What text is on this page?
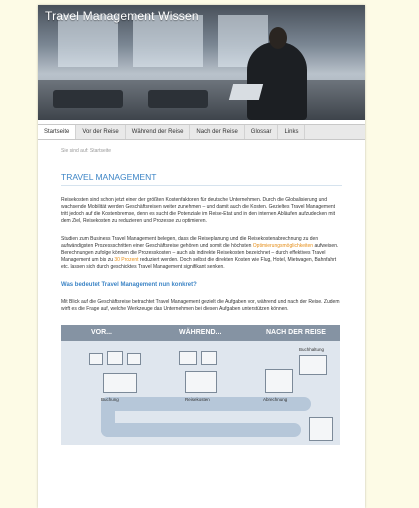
Travel Management Wissen
Startseite	Vor der Reise	Während der Reise	Nach der Reise	Glossar	Links
Sie sind auf: Startseite
TRAVEL MANAGEMENT

Reisekosten sind schon jetzt einer der größten Kostenfaktoren für deutsche Unternehmen. Durch die Globalisierung und wachsende Mobilität werden Geschäftsreisen weiter zunehmen – und damit auch die Kosten. Gezieltes Travel Management tritt jedoch auf die Kostenbremse, denn es sucht die Potenziale im Reise-Etat und in den internen Abläufen aufzudecken mit dem Ziel, Reisekosten zu reduzieren und Prozesse zu optimieren.

Studien zum Business Travel Management belegen, dass die Reiseplanung und die Reisekostenabrechnung zu den aufwändigsten Prozessschritten einer Geschäftsreise gehören und somit die höchsten Optimierungsmöglichkeiten aufweisen. Berechnungen zufolge können die Prozesskosten – auch als indirekte Reisekosten bezeichnet – durch effektives Travel Management um bis zu 30 Prozent reduziert werden. Doch selbst die direkten Kosten wie Flug, Hotel, Mietwagen, Bahnfahrt etc. lassen sich durch geschicktes Travel Management signifikant senken.

Was bedeutet Travel Management nun konkret?

Mit Blick auf die Geschäftsreise betrachtet Travel Management gezielt die Aufgaben vor, während und nach der Reise. Zudem wirft es die Frage auf, welche Werkzeuge das Unternehmen bei diesen Aufgaben unterstützen können.

VOR...	WÄHREND...	NACH DER REISE
Buchung	Reisekosten	Abrechnung
Buchhaltung
